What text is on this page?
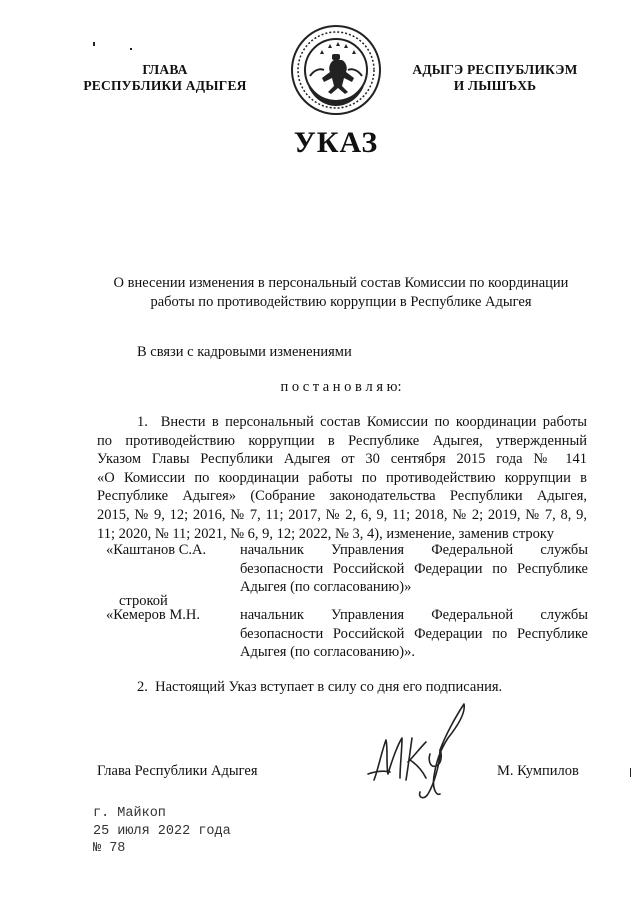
ГЛАВА
РЕСПУБЛИКИ АДЫГЕЯ
АДЫГЭ РЕСПУБЛИКЭМ
И ЛЫШЪХЬ
УКАЗ
О внесении изменения в персональный состав Комиссии по координации
работы по противодействию коррупции в Республике Адыгея
В связи с кадровыми изменениями
п о с т а н о в л я ю:
1. Внести в персональный состав Комиссии по координации работы
по противодействию коррупции в Республике Адыгея, утвержденный
Указом Главы Республики Адыгея от 30 сентября 2015 года № 141
«О Комиссии по координации работы по противодействию коррупции в
Республике Адыгея» (Собрание законодательства Республики Адыгея,
2015, № 9, 12; 2016, № 7, 11; 2017, № 2, 6, 9, 11; 2018, № 2; 2019, № 7, 8, 9,
11; 2020, № 11; 2021, № 6, 9, 12; 2022, № 3, 4), изменение, заменив строку
«Каштанов С.А. начальник Управления Федеральной службы
безопасности Российской Федерации по Республике
Адыгея (по согласованию)»
строкой
«Кемеров М.Н.	начальник Управления Федеральной службы
безопасности Российской Федерации по Республике
Адыгея (по согласованию)».
2. Настоящий Указ вступает в силу со дня его подписания.
Глава Республики Адыгея	М. Кумпилов
г. Майкоп
25 июля 2022 года
№ 78
